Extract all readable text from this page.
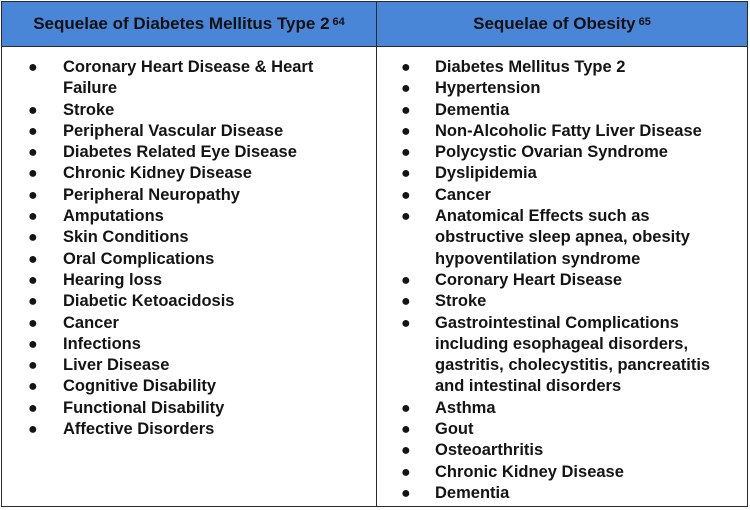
Sequelae of Diabetes Mellitus Type 2 $^{64}$	Sequelae of Obesity $^{65}$
● Coronary Heart Disease & Heart Failure
● Stroke
● Peripheral Vascular Disease
● Diabetes Related Eye Disease
● Chronic Kidney Disease
● Peripheral Neuropathy
● Amputations
● Skin Conditions
● Oral Complications
● Hearing loss
● Diabetic Ketoacidosis
● Cancer
● Infections
● Liver Disease
● Cognitive Disability
● Functional Disability
● Affective Disorders
● Diabetes Mellitus Type 2
● Hypertension
● Dementia
● Non-Alcoholic Fatty Liver Disease
● Polycystic Ovarian Syndrome
● Dyslipidemia
● Cancer
● Anatomical Effects such as obstructive sleep apnea, obesity hypoventilation syndrome
● Coronary Heart Disease
● Stroke
● Gastrointestinal Complications including esophageal disorders, gastritis, cholecystitis, pancreatitis and intestinal disorders
● Asthma
● Gout
● Osteoarthritis
● Chronic Kidney Disease
● Dementia
